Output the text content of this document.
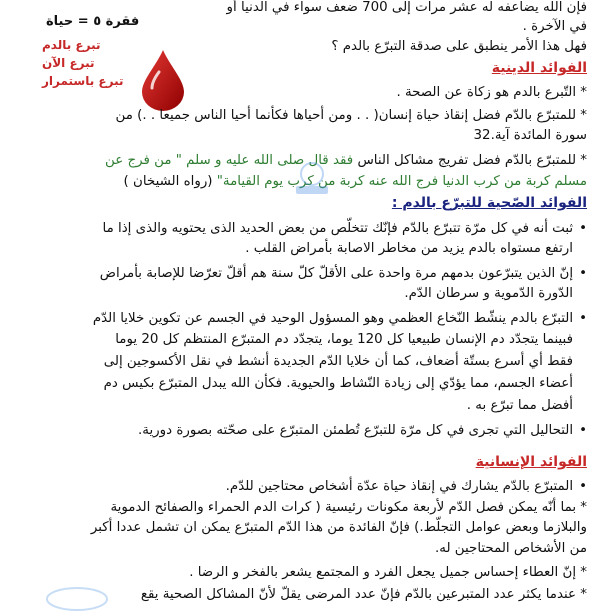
فقرة ٥ = حياة
تبرع بالدم
تبرع الآن
تبرع باستمرار
فإن الله يضاعفه له عشر مرات إلى 700 ضعف سواء في الدنيا أو
في الآخرة .
فهل هذا الأمر ينطبق على صدقة التبرّع بالدم ؟
الفوائد الدينية
* التّبرع بالدم هو زكاة عن الصحة .
* للمتبرّع بالدّم فضل إنقاذ حياة إنسان( . . ومن أحياها فكأنما أحيا الناس جميعا . .) من
سورة المائدة آية.32
* للمتبرّع بالدّم فضل تفريج مشاكل الناس فقد قال صلى الله عليه و سلم " من فرج عن
مسلم كربة من كرب الدنيا فرج الله عنه كربة من كرب يوم القيامة" (رواه الشيخان )
الفوائد الصّحية للتبرّع بالدم :
• ثبت أنه في كل مرّة تتبرّع بالدّم فإنّك تتخلّص من بعض الحديد الذى يحتويه والذى إذا ما
ارتفع مستواه بالدم يزيد من مخاطر الاصابة بأمراض القلب .
• إنّ الذين يتبرّعون بدمهم مرة واحدة على الأقلّ كلّ سنة هم أقلّ تعرّضا للإصابة بأمراض
الدّورة الدّموية و سرطان الدّم.
• التبرّع بالدم ينشّط النّخاع العظمي وهو المسؤول الوحيد في الجسم عن تكوين خلايا الدّم
فبينما يتجدّد دم الإنسان طبيعيا كل 120 يوما، يتجدّد دم المتبرّع المنتظم كل 20 يوما
فقط أي أسرع بستّة أضعاف، كما أن خلايا الدّم الجديدة أنشط في نقل الأكسوجين إلى
أعضاء الجسم، مما يؤدّي إلى زيادة النّشاط والحيوية. فكأن الله يبدل المتبرّع بكيس دم
أفضل مما تبرّع به .
• التحاليل التي تجرى في كل مرّة للتبرّع تُطمئن المتبرّع على صحّته بصورة دورية.
الفوائد الإنسانية
• المتبرّع بالدّم يشارك في إنقاذ حياة عدّة أشخاص محتاجين للدّم.
* بما أنّه يمكن فصل الدّم لأربعة مكونات رئيسية ( كرات الدم الحمراء والصفائح الدموية
والبلازما وبعض عوامل التجلّط.) فإنّ الفائدة من هذا الدّم المتبرّع يمكن ان تشمل عددا أكبر
من الأشخاص المحتاجين له.
* إنّ العطاء إحساس جميل يجعل الفرد و المجتمع يشعر بالفخر و الرضا .
* عندما يكثر عدد المتبرعين بالدّم فإنّ عدد المرضى يقلّ لأنّ المشاكل الصحية يقع
